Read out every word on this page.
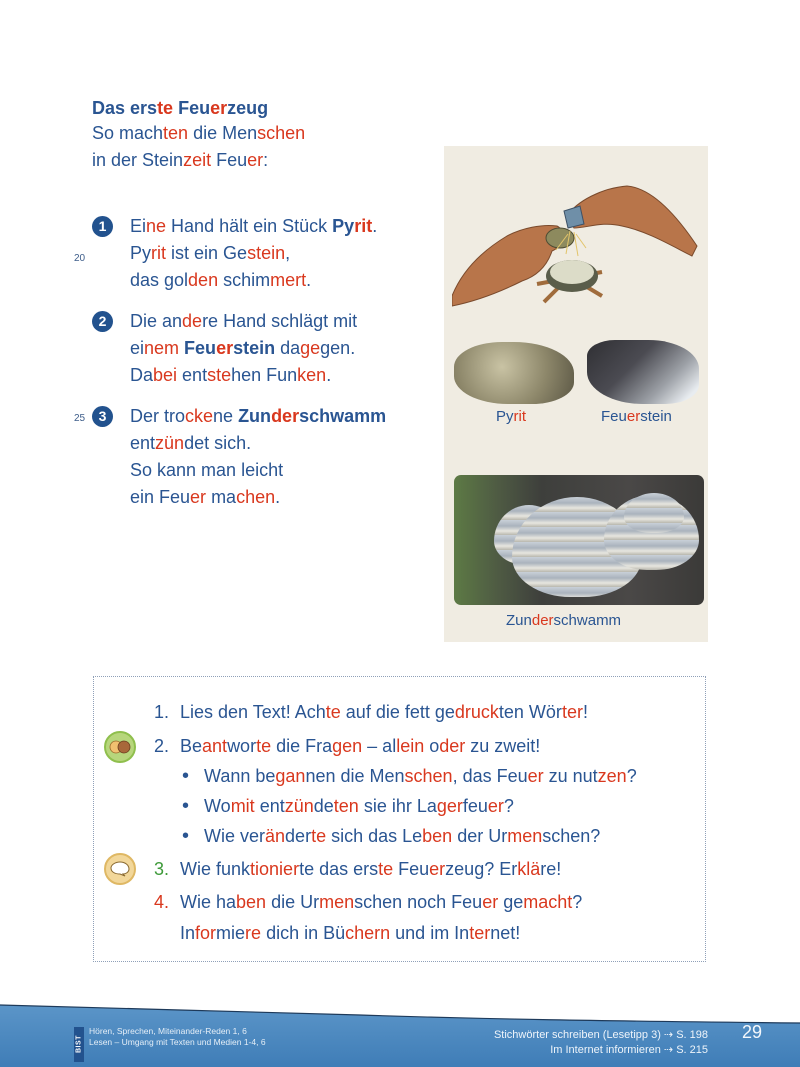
Das erste Feuerzeug
So machten die Menschen
in der Steinzeit Feuer:
1	Eine Hand hält ein Stück Pyrit.
Pyrit ist ein Gestein,
das golden schimmert.
20
2	Die andere Hand schlägt mit
einem Feuerstein dagegen.
Dabei entstehen Funken.
3	Der trockene Zunderschwamm
entzündet sich.
So kann man leicht
ein Feuer machen.
25	Pyrit	Feuerstein
Zunderschwamm
1. Lies den Text! Achte auf die fett gedruckten Wörter!
2. Beantworte die Fragen – allein oder zu zweit!
• Wann begannen die Menschen, das Feuer zu nutzen?
• Womit entzündeten sie ihr Lagerfeuer?
• Wie veränderte sich das Leben der Urmenschen?
3. Wie funktionierte das erste Feuerzeug? Erkläre!
4. Wie haben die Urmenschen noch Feuer gemacht?
Informiere dich in Büchern und im Internet!
BIST
Hören, Sprechen, Miteinander-Reden 1, 6
Lesen – Umgang mit Texten und Medien 1-4, 6
Stichwörter schreiben (Lesetipp 3) ⇢ S. 198
Im Internet informieren ⇢ S. 215
29
